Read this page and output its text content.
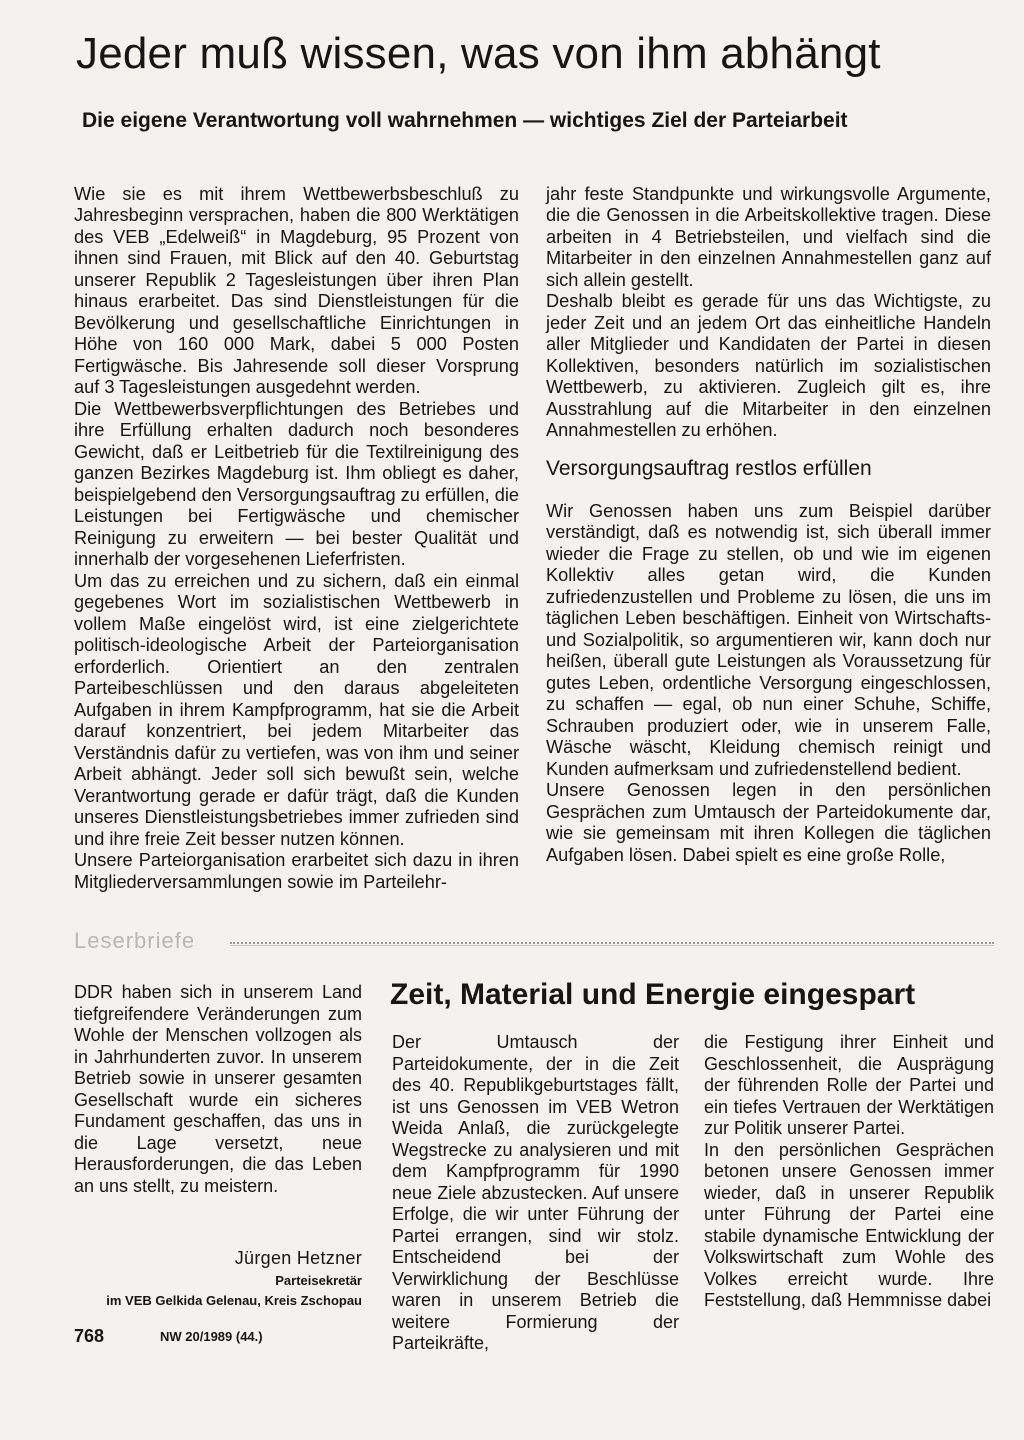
Jeder muß wissen, was von ihm abhängt
Die eigene Verantwortung voll wahrnehmen — wichtiges Ziel der Parteiarbeit

Wie sie es mit ihrem Wettbewerbsbeschluß zu Jahresbeginn versprachen, haben die 800 Werktätigen des VEB „Edelweiß“ in Magdeburg, 95 Prozent von ihnen sind Frauen, mit Blick auf den 40. Geburtstag unserer Republik 2 Tagesleistungen über ihren Plan hinaus erarbeitet. Das sind Dienstleistungen für die Bevölkerung und gesellschaftliche Einrichtungen in Höhe von 160 000 Mark, dabei 5 000 Posten Fertigwäsche. Bis Jahresende soll dieser Vorsprung auf 3 Tagesleistungen ausgedehnt werden.

Die Wettbewerbsverpflichtungen des Betriebes und ihre Erfüllung erhalten dadurch noch besonderes Gewicht, daß er Leitbetrieb für die Textilreinigung des ganzen Bezirkes Magdeburg ist. Ihm obliegt es daher, beispielgebend den Versorgungsauftrag zu erfüllen, die Leistungen bei Fertigwäsche und chemischer Reinigung zu erweitern — bei bester Qualität und innerhalb der vorgesehenen Lieferfristen.

Um das zu erreichen und zu sichern, daß ein einmal gegebenes Wort im sozialistischen Wettbewerb in vollem Maße eingelöst wird, ist eine zielgerichtete politisch-ideologische Arbeit der Parteiorganisation erforderlich. Orientiert an den zentralen Parteibeschlüssen und den daraus abgeleiteten Aufgaben in ihrem Kampfprogramm, hat sie die Arbeit darauf konzentriert, bei jedem Mitarbeiter das Verständnis dafür zu vertiefen, was von ihm und seiner Arbeit abhängt. Jeder soll sich bewußt sein, welche Verantwortung gerade er dafür trägt, daß die Kunden unseres Dienstleistungsbetriebes immer zufrieden sind und ihre freie Zeit besser nutzen können.

Unsere Parteiorganisation erarbeitet sich dazu in ihren Mitgliederversammlungen sowie im Parteilehr-

jahr feste Standpunkte und wirkungsvolle Argumente, die die Genossen in die Arbeitskollektive tragen. Diese arbeiten in 4 Betriebsteilen, und vielfach sind die Mitarbeiter in den einzelnen Annahmestellen ganz auf sich allein gestellt.

Deshalb bleibt es gerade für uns das Wichtigste, zu jeder Zeit und an jedem Ort das einheitliche Handeln aller Mitglieder und Kandidaten der Partei in diesen Kollektiven, besonders natürlich im sozialistischen Wettbewerb, zu aktivieren. Zugleich gilt es, ihre Ausstrahlung auf die Mitarbeiter in den einzelnen Annahmestellen zu erhöhen.

Versorgungsauftrag restlos erfüllen

Wir Genossen haben uns zum Beispiel darüber verständigt, daß es notwendig ist, sich überall immer wieder die Frage zu stellen, ob und wie im eigenen Kollektiv alles getan wird, die Kunden zufriedenzustellen und Probleme zu lösen, die uns im täglichen Leben beschäftigen. Einheit von Wirtschafts- und Sozialpolitik, so argumentieren wir, kann doch nur heißen, überall gute Leistungen als Voraussetzung für gutes Leben, ordentliche Versorgung eingeschlossen, zu schaffen — egal, ob nun einer Schuhe, Schiffe, Schrauben produziert oder, wie in unserem Falle, Wäsche wäscht, Kleidung chemisch reinigt und Kunden aufmerksam und zufriedenstellend bedient.

Unsere Genossen legen in den persönlichen Gesprächen zum Umtausch der Parteidokumente dar, wie sie gemeinsam mit ihren Kollegen die täglichen Aufgaben lösen. Dabei spielt es eine große Rolle,

Leserbriefe

DDR haben sich in unserem Land tiefgreifendere Veränderungen zum Wohle der Menschen vollzogen als in Jahrhunderten zuvor. In unserem Betrieb sowie in unserer gesamten Gesellschaft wurde ein sicheres Fundament geschaffen, das uns in die Lage versetzt, neue Herausforderungen, die das Leben an uns stellt, zu meistern.

Jürgen Hetzner
Parteisekretär
im VEB Gelkida Gelenau, Kreis Zschopau
Zeit, Material und Energie eingespart

Der Umtausch der Parteidokumente, der in die Zeit des 40. Republikgeburtstages fällt, ist uns Genossen im VEB Wetron Weida Anlaß, die zurückgelegte Wegstrecke zu analysieren und mit dem Kampfprogramm für 1990 neue Ziele abzustecken. Auf unsere Erfolge, die wir unter Führung der Partei errangen, sind wir stolz. Entscheidend bei der Verwirklichung der Beschlüsse waren in unserem Betrieb die weitere Formierung der Parteikräfte,

die Festigung ihrer Einheit und Geschlossenheit, die Ausprägung der führenden Rolle der Partei und ein tiefes Vertrauen der Werktätigen zur Politik unserer Partei.

In den persönlichen Gesprächen betonen unsere Genossen immer wieder, daß in unserer Republik unter Führung der Partei eine stabile dynamische Entwicklung der Volkswirtschaft zum Wohle des Volkes erreicht wurde. Ihre Feststellung, daß Hemmnisse dabei

768	NW 20/1989 (44.)
